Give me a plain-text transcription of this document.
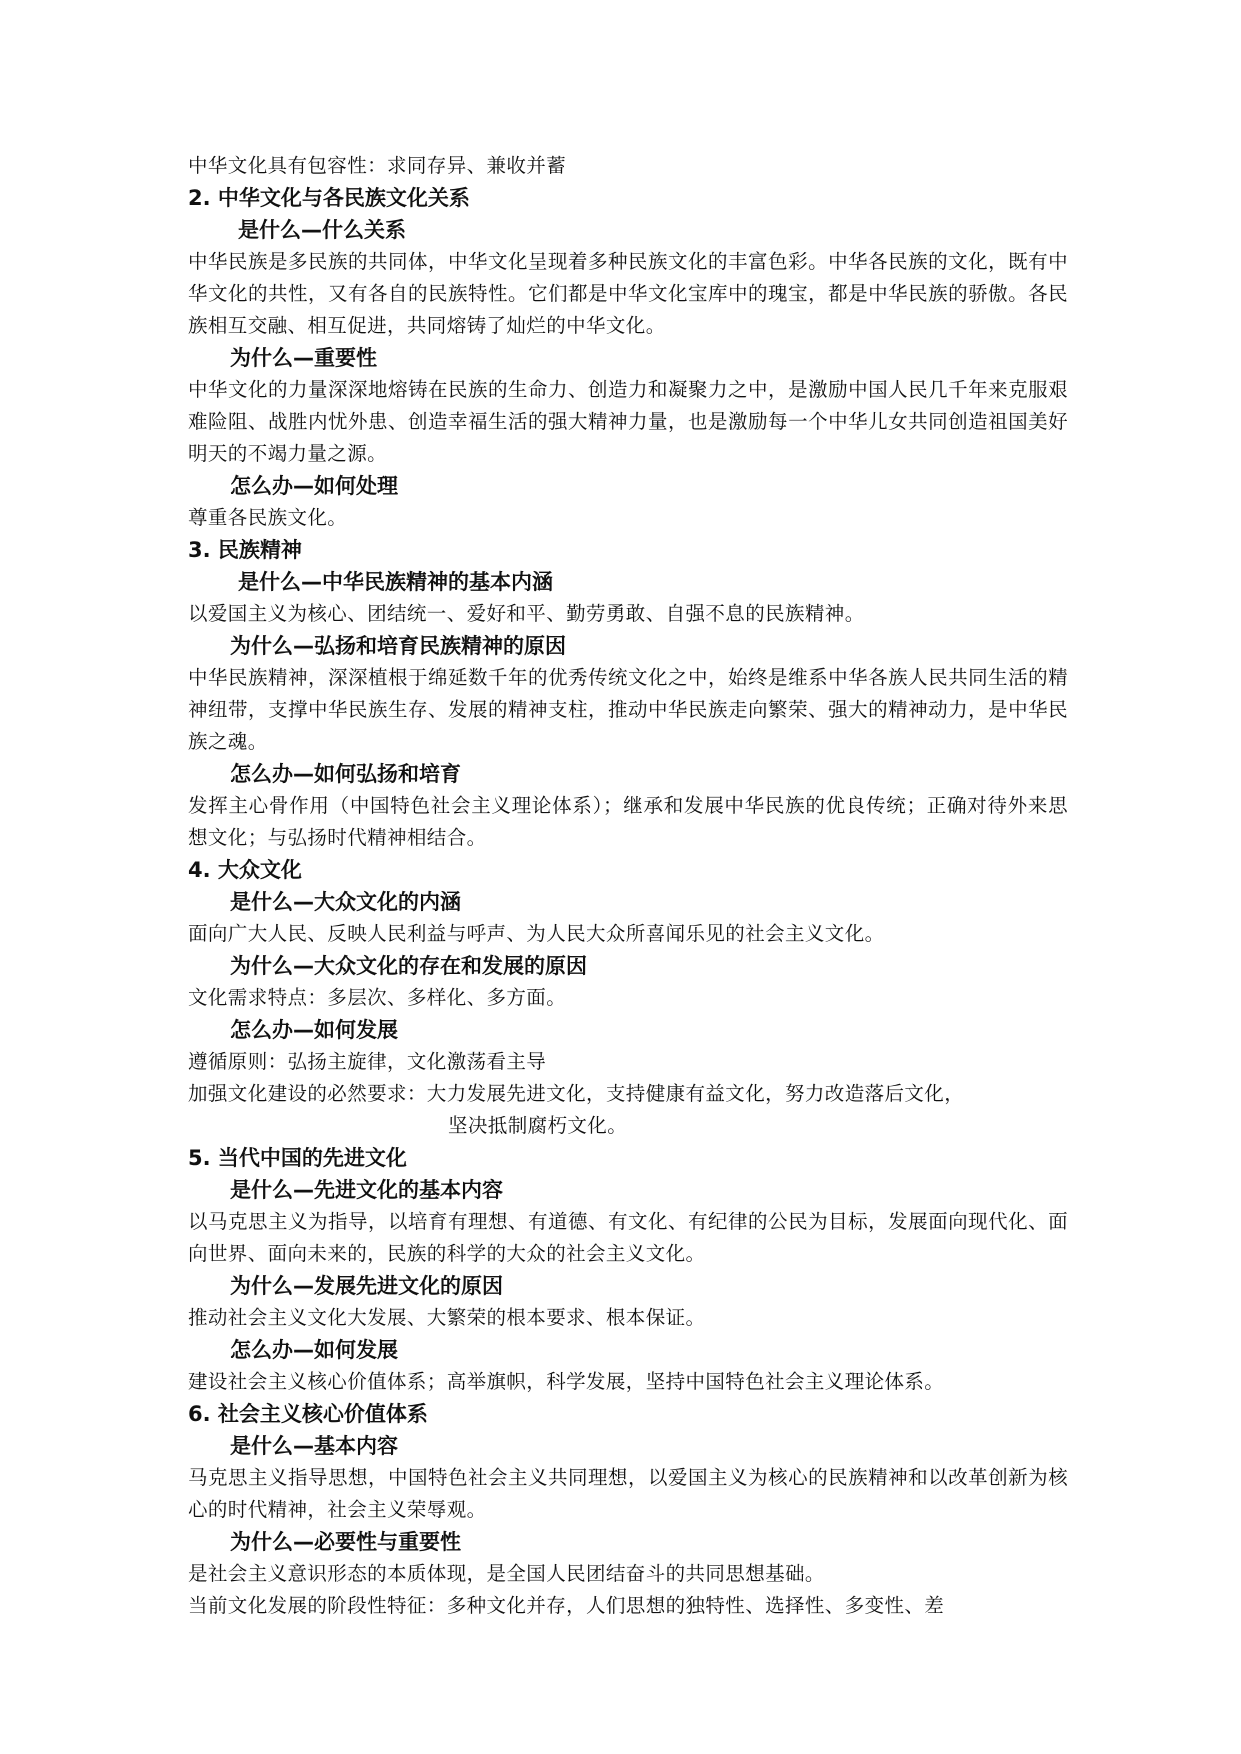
中华文化具有包容性：求同存异、兼收并蓄

2. 中华文化与各民族文化关系

是什么—什么关系

中华民族是多民族的共同体，中华文化呈现着多种民族文化的丰富色彩。中华各民族的文化，既有中华文化的共性，又有各自的民族特性。它们都是中华文化宝库中的瑰宝，都是中华民族的骄傲。各民族相互交融、相互促进，共同熔铸了灿烂的中华文化。

为什么—重要性

中华文化的力量深深地熔铸在民族的生命力、创造力和凝聚力之中，是激励中国人民几千年来克服艰难险阻、战胜内忧外患、创造幸福生活的强大精神力量，也是激励每一个中华儿女共同创造祖国美好明天的不竭力量之源。

怎么办—如何处理

尊重各民族文化。

3. 民族精神

是什么—中华民族精神的基本内涵

以爱国主义为核心、团结统一、爱好和平、勤劳勇敢、自强不息的民族精神。

为什么—弘扬和培育民族精神的原因

中华民族精神，深深植根于绵延数千年的优秀传统文化之中，始终是维系中华各族人民共同生活的精神纽带，支撑中华民族生存、发展的精神支柱，推动中华民族走向繁荣、强大的精神动力，是中华民族之魂。

怎么办—如何弘扬和培育

发挥主心骨作用（中国特色社会主义理论体系）；继承和发展中华民族的优良传统；正确对待外来思想文化；与弘扬时代精神相结合。

4. 大众文化

是什么—大众文化的内涵

面向广大人民、反映人民利益与呼声、为人民大众所喜闻乐见的社会主义文化。

为什么—大众文化的存在和发展的原因

文化需求特点：多层次、多样化、多方面。

怎么办—如何发展

遵循原则：弘扬主旋律，文化激荡看主导

加强文化建设的必然要求：大力发展先进文化，支持健康有益文化，努力改造落后文化，

坚决抵制腐朽文化。

5. 当代中国的先进文化

是什么—先进文化的基本内容

以马克思主义为指导，以培育有理想、有道德、有文化、有纪律的公民为目标，发展面向现代化、面向世界、面向未来的，民族的科学的大众的社会主义文化。

为什么—发展先进文化的原因

推动社会主义文化大发展、大繁荣的根本要求、根本保证。

怎么办—如何发展

建设社会主义核心价值体系；高举旗帜，科学发展，坚持中国特色社会主义理论体系。

6. 社会主义核心价值体系

是什么—基本内容

马克思主义指导思想，中国特色社会主义共同理想，以爱国主义为核心的民族精神和以改革创新为核心的时代精神，社会主义荣辱观。

为什么—必要性与重要性

是社会主义意识形态的本质体现，是全国人民团结奋斗的共同思想基础。

当前文化发展的阶段性特征：多种文化并存，人们思想的独特性、选择性、多变性、差
